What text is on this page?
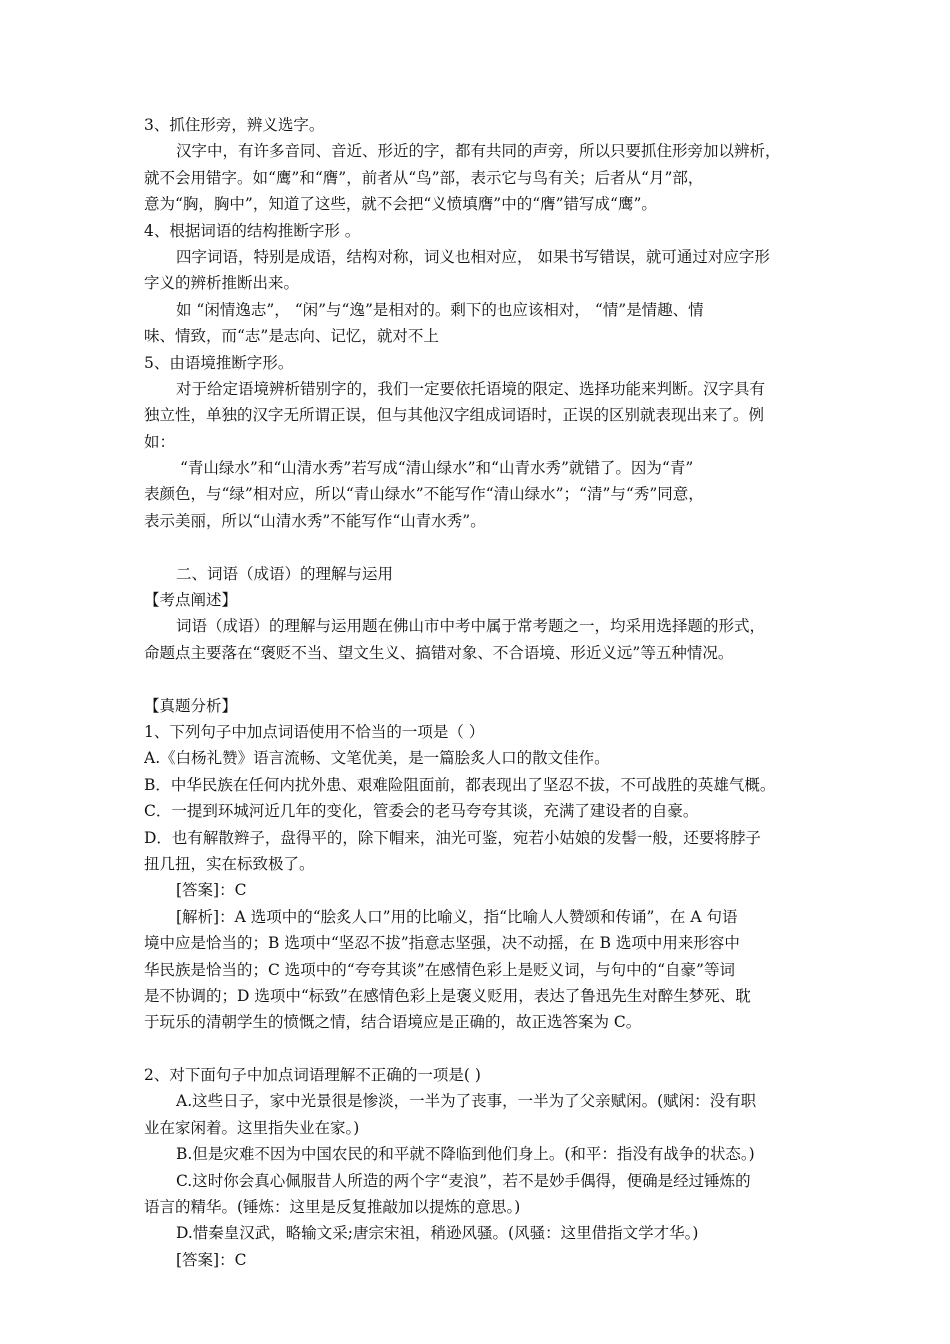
3、抓住形旁，辨义选字。
汉字中，有许多音同、音近、形近的字，都有共同的声旁，所以只要抓住形旁加以辨析，
就不会用错字。如“鹰”和“膺”，前者从“鸟”部，表示它与鸟有关；后者从“月”部，
意为“胸，胸中”，知道了这些，就不会把“义愤填膺”中的“膺”错写成“鹰”。
4、根据词语的结构推断字形 。
四字词语，特别是成语，结构对称，词义也相对应， 如果书写错误，就可通过对应字形
字义的辨析推断出来。
如 “闲情逸志”， “闲”与“逸”是相对的。剩下的也应该相对， “情”是情趣、情
味、情致，而“志”是志向、记忆，就对不上
5、由语境推断字形。
对于给定语境辨析错别字的，我们一定要依托语境的限定、选择功能来判断。汉字具有
独立性，单独的汉字无所谓正误，但与其他汉字组成词语时，正误的区别就表现出来了。例
如：
“青山绿水”和“山清水秀”若写成“清山绿水”和“山青水秀”就错了。因为“青”
表颜色，与“绿”相对应，所以“青山绿水”不能写作“清山绿水”；“清”与“秀”同意，
表示美丽，所以“山清水秀”不能写作“山青水秀”。
二、词语（成语）的理解与运用
【考点阐述】
词语（成语）的理解与运用题在佛山市中考中属于常考题之一，均采用选择题的形式，
命题点主要落在“褒贬不当、望文生义、搞错对象、不合语境、形近义远”等五种情况。
【真题分析】
1、下列句子中加点词语使用不恰当的一项是（ ）
A.《白杨礼赞》语言流畅、文笔优美，是一篇脍炙人口的散文佳作。
B．中华民族在任何内扰外患、艰难险阻面前，都表现出了坚忍不拔，不可战胜的英雄气概。
C．一提到环城河近几年的变化，管委会的老马夸夸其谈，充满了建设者的自豪。
D．也有解散辫子，盘得平的，除下帽来，油光可鉴，宛若小姑娘的发髻一般，还要将脖子
扭几扭，实在标致极了。
[答案]：C
[解析]：A 选项中的“脍炙人口”用的比喻义，指“比喻人人赞颂和传诵”，在 A 句语
境中应是恰当的；B 选项中“坚忍不拔”指意志坚强，决不动摇，在 B 选项中用来形容中
华民族是恰当的；C 选项中的“夸夸其谈”在感情色彩上是贬义词，与句中的“自豪”等词
是不协调的；D 选项中“标致”在感情色彩上是褒义贬用，表达了鲁迅先生对醉生梦死、耽
于玩乐的清朝学生的愤慨之情，结合语境应是正确的，故正选答案为 C。
2、对下面句子中加点词语理解不正确的一项是( )
A.这些日子，家中光景很是惨淡，一半为了丧事，一半为了父亲赋闲。(赋闲：没有职
业在家闲着。这里指失业在家。)
B.但是灾难不因为中国农民的和平就不降临到他们身上。(和平：指没有战争的状态。)
C.这时你会真心佩服昔人所造的两个字“麦浪”，若不是妙手偶得，便确是经过锤炼的
语言的精华。(锤炼：这里是反复推敲加以提炼的意思。)
D.惜秦皇汉武，略输文采;唐宗宋祖，稍逊风骚。(风骚：这里借指文学才华。)
[答案]：C
